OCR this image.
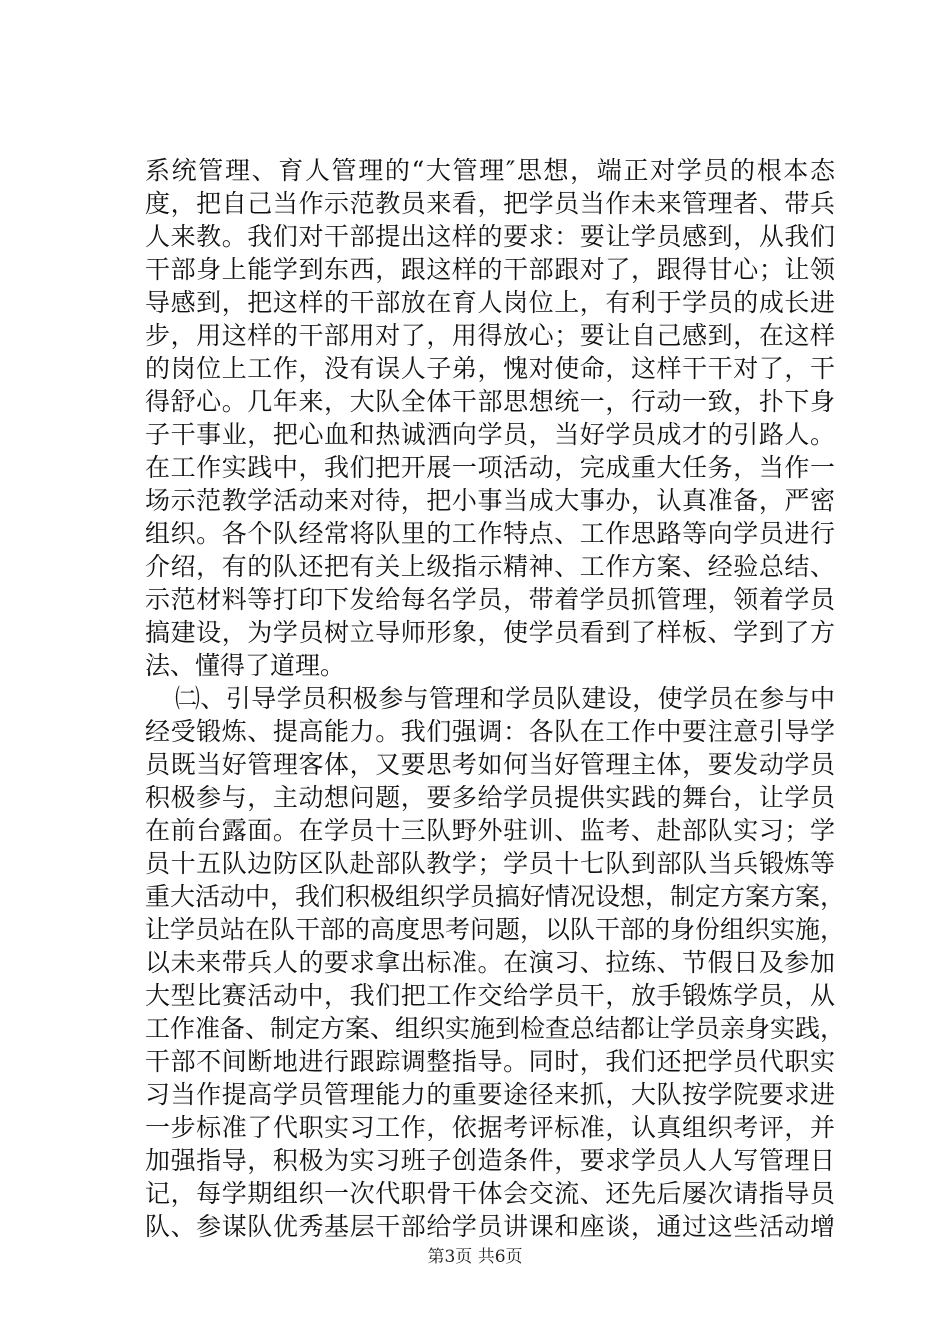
系统管理、育人管理的“大管理″思想，端正对学员的根本态
度，把自己当作示范教员来看，把学员当作未来管理者、带兵
人来教。我们对干部提出这样的要求：要让学员感到，从我们
干部身上能学到东西，跟这样的干部跟对了，跟得甘心；让领
导感到，把这样的干部放在育人岗位上，有利于学员的成长进
步，用这样的干部用对了，用得放心；要让自己感到，在这样
的岗位上工作，没有误人子弟，愧对使命，这样干干对了，干
得舒心。几年来，大队全体干部思想统一，行动一致，扑下身
子干事业，把心血和热诚洒向学员，当好学员成才的引路人。
在工作实践中，我们把开展一项活动，完成重大任务，当作一
场示范教学活动来对待，把小事当成大事办，认真准备，严密
组织。各个队经常将队里的工作特点、工作思路等向学员进行
介绍，有的队还把有关上级指示精神、工作方案、经验总结、
示范材料等打印下发给每名学员，带着学员抓管理，领着学员
搞建设，为学员树立导师形象，使学员看到了样板、学到了方
法、懂得了道理。
㈡、引导学员积极参与管理和学员队建设，使学员在参与中
经受锻炼、提高能力。我们强调：各队在工作中要注意引导学
员既当好管理客体，又要思考如何当好管理主体，要发动学员
积极参与，主动想问题，要多给学员提供实践的舞台，让学员
在前台露面。在学员十三队野外驻训、监考、赴部队实习；学
员十五队边防区队赴部队教学；学员十七队到部队当兵锻炼等
重大活动中，我们积极组织学员搞好情况设想，制定方案方案，
让学员站在队干部的高度思考问题，以队干部的身份组织实施，
以未来带兵人的要求拿出标准。在演习、拉练、节假日及参加
大型比赛活动中，我们把工作交给学员干，放手锻炼学员，从
工作准备、制定方案、组织实施到检查总结都让学员亲身实践，
干部不间断地进行跟踪调整指导。同时，我们还把学员代职实
习当作提高学员管理能力的重要途径来抓，大队按学院要求进
一步标准了代职实习工作，依据考评标准，认真组织考评，并
加强指导，积极为实习班子创造条件，要求学员人人写管理日
记，每学期组织一次代职骨干体会交流、还先后屡次请指导员
队、参谋队优秀基层干部给学员讲课和座谈，通过这些活动增
第3页 共6页
